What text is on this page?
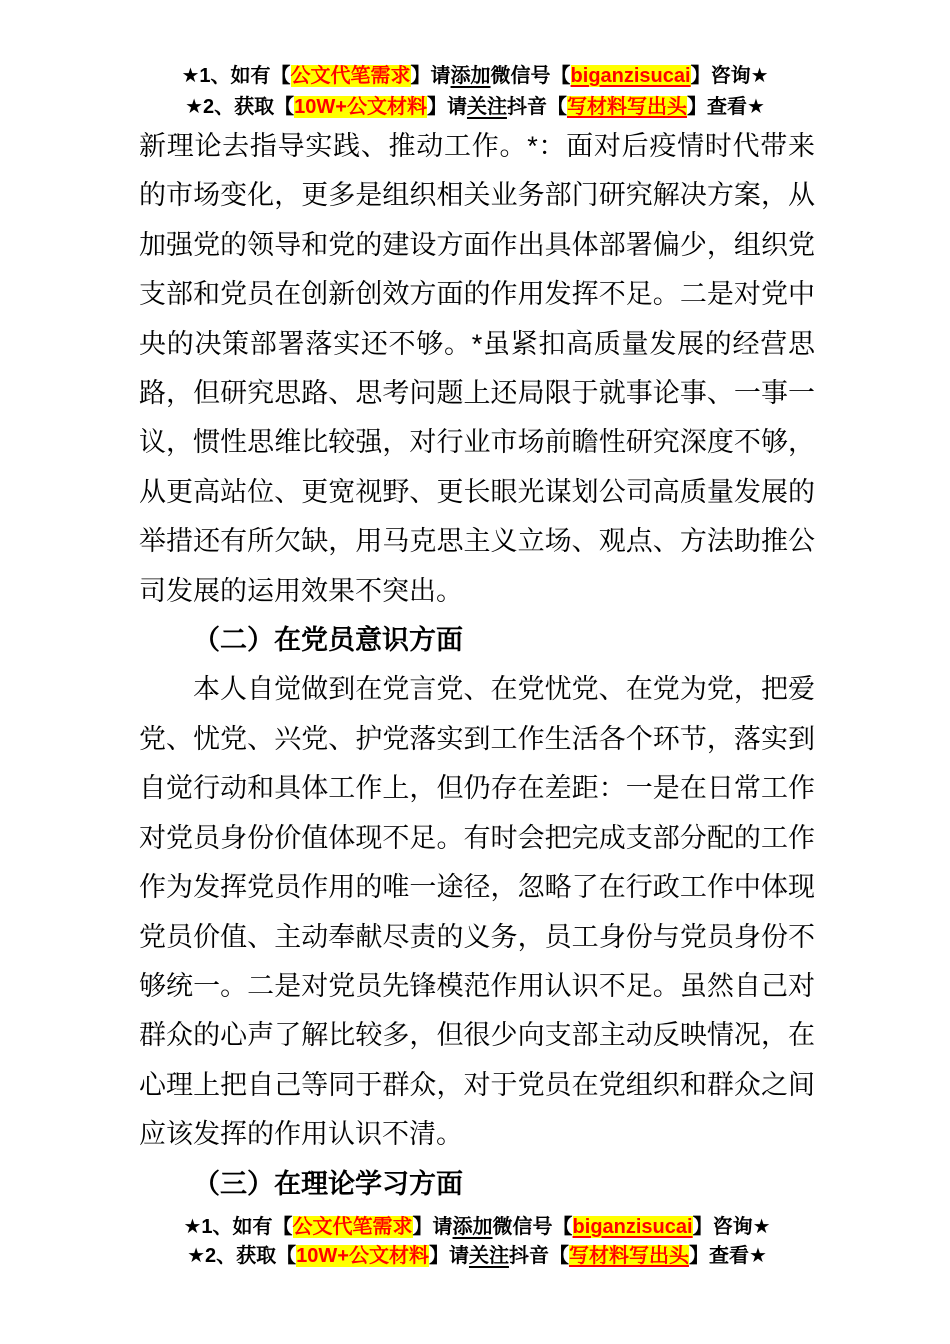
★1、如有【公文代笔需求】请添加微信号【biganzisucai】咨询★
★2、获取【10W+公文材料】请关注抖音【写材料写出头】查看★

新理论去指导实践、推动工作。*：面对后疫情时代带来的市场变化，更多是组织相关业务部门研究解决方案，从加强党的领导和党的建设方面作出具体部署偏少，组织党支部和党员在创新创效方面的作用发挥不足。二是对党中央的决策部署落实还不够。*虽紧扣高质量发展的经营思路，但研究思路、思考问题上还局限于就事论事、一事一议，惯性思维比较强，对行业市场前瞻性研究深度不够，从更高站位、更宽视野、更长眼光谋划公司高质量发展的举措还有所欠缺，用马克思主义立场、观点、方法助推公司发展的运用效果不突出。

（二）在党员意识方面

本人自觉做到在党言党、在党忧党、在党为党，把爱党、忧党、兴党、护党落实到工作生活各个环节，落实到自觉行动和具体工作上，但仍存在差距：一是在日常工作对党员身份价值体现不足。有时会把完成支部分配的工作作为发挥党员作用的唯一途径，忽略了在行政工作中体现党员价值、主动奉献尽责的义务，员工身份与党员身份不够统一。二是对党员先锋模范作用认识不足。虽然自己对群众的心声了解比较多，但很少向支部主动反映情况，在心理上把自己等同于群众，对于党员在党组织和群众之间应该发挥的作用认识不清。

（三）在理论学习方面
★1、如有【公文代笔需求】请添加微信号【biganzisucai】咨询★
★2、获取【10W+公文材料】请关注抖音【写材料写出头】查看★
